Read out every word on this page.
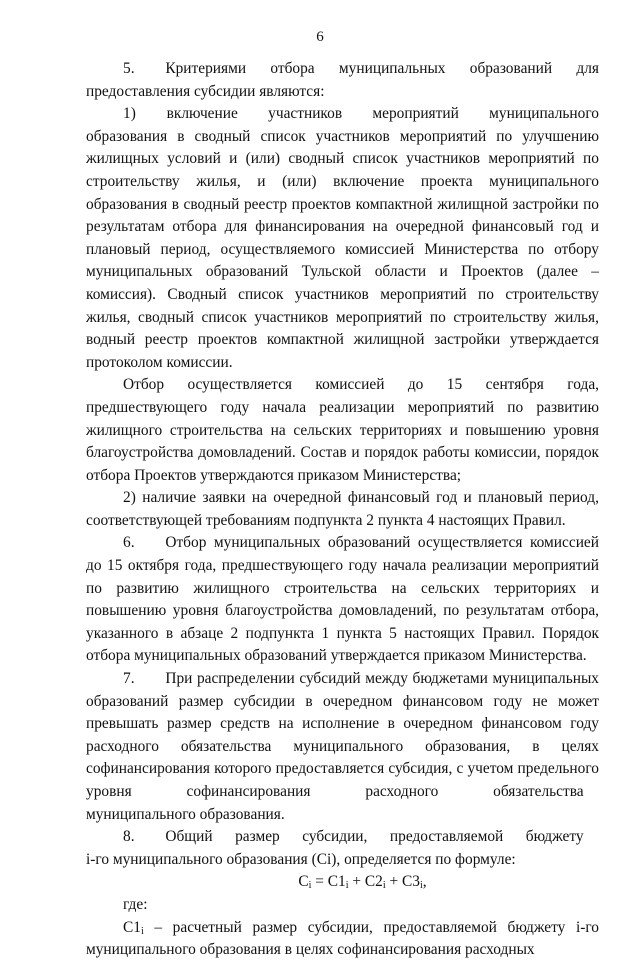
6

5.  Критериями  отбора  муниципальных  образований  для предоставления субсидии являются:

1)  включение  участников  мероприятий  муниципального образования в сводный список участников мероприятий по улучшению жилищных условий и (или) сводный список участников мероприятий по строительству жилья, и (или) включение проекта муниципального образования в сводный реестр проектов компактной жилищной застройки по результатам отбора для финансирования на очередной финансовый год и плановый период, осуществляемого комиссией Министерства по отбору муниципальных образований Тульской области и Проектов (далее – комиссия). Сводный список участников мероприятий по строительству жилья, сводный список участников мероприятий по строительству жилья, водный реестр проектов компактной жилищной застройки утверждается протоколом комиссии.

Отбор  осуществляется  комиссией  до  15  сентября  года, предшествующего году начала реализации мероприятий по развитию жилищного строительства на сельских территориях и повышению уровня благоустройства домовладений. Состав и порядок работы комиссии, порядок отбора Проектов утверждаются приказом Министерства;

2) наличие заявки на очередной финансовый год и плановый период, соответствующей требованиям подпункта 2 пункта 4 настоящих Правил.

6.  Отбор муниципальных образований осуществляется комиссией до 15 октября года, предшествующего году начала реализации мероприятий по развитию жилищного строительства на сельских территориях и повышению уровня благоустройства домовладений, по результатам отбора, указанного в абзаце 2 подпункта 1 пункта 5 настоящих Правил. Порядок отбора муниципальных образований утверждается приказом Министерства.

7.  При распределении субсидий между бюджетами муниципальных образований размер субсидии в очередном финансовом году не может превышать размер средств на исполнение в очередном финансовом году расходного  обязательства  муниципального  образования,  в  целях софинансирования которого предоставляется субсидия, с учетом предельного уровня  софинансирования  расходного  обязательства  муниципального образования.

8.  Общий  размер  субсидии,  предоставляемой  бюджету  i-го муниципального образования (Ci), определяется по формуле:

$C_i = C1_i + C2_i + C3_i$,

где:

$C1_i$ – расчетный размер субсидии, предоставляемой бюджету i-го муниципального образования в целях софинансирования расходных
